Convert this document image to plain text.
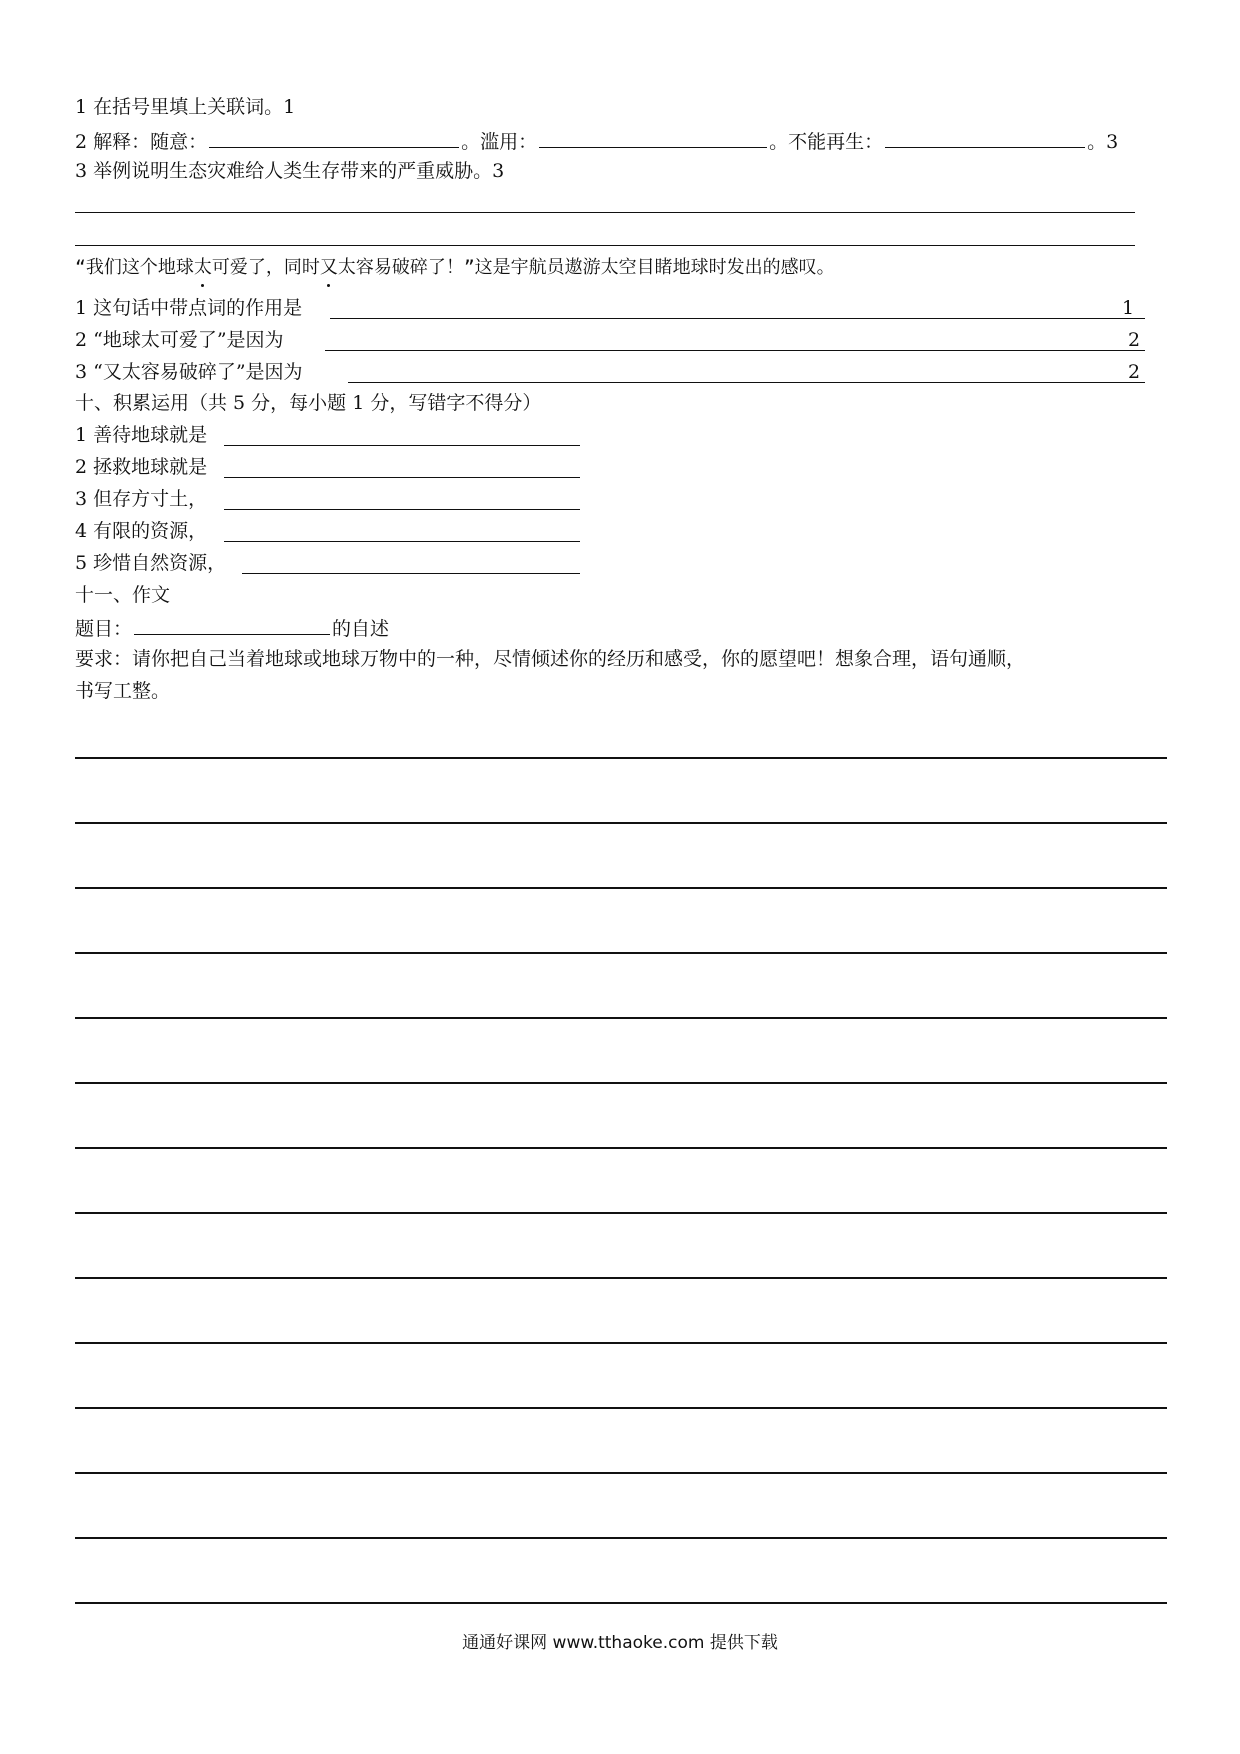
1 在括号里填上关联词。1
2 解释：随意：	。滥用：	。不能再生：	。3
3 举例说明生态灾难给人类生存带来的严重威胁。3
“我们这个地球太可爱了，同时又太容易破碎了！”这是宇航员遨游太空目睹地球时发出的感叹。
1 这句话中带点词的作用是	1
2 “地球太可爱了”是因为	2
3 “又太容易破碎了”是因为	2
十、积累运用（共 5 分，每小题 1 分，写错字不得分）
1 善待地球就是
2 拯救地球就是
3 但存方寸土，
4 有限的资源，
5 珍惜自然资源，
十一、作文
题目：	的自述
要求：请你把自己当着地球或地球万物中的一种，尽情倾述你的经历和感受，你的愿望吧！想象合理，语句通顺，
书写工整。
通通好课网 www.tthaoke.com 提供下载
